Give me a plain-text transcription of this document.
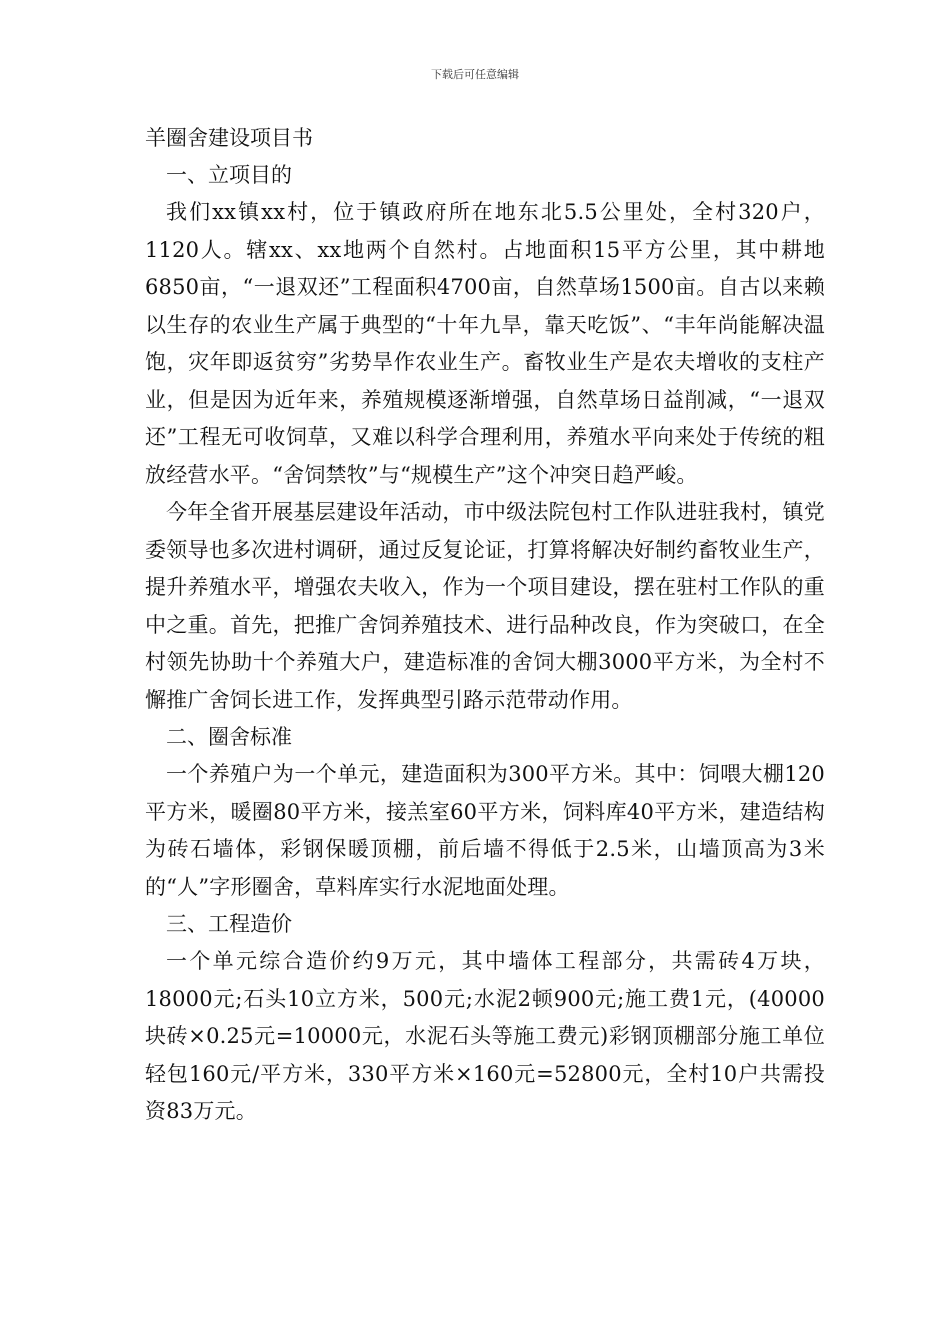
下载后可任意编辑
羊圈舍建设项目书
一、立项目的

我们xx镇xx村，位于镇政府所在地东北5.5公里处，全村320户，1120人。辖xx、xx地两个自然村。占地面积15平方公里，其中耕地6850亩，“一退双还”工程面积4700亩，自然草场1500亩。自古以来赖以生存的农业生产属于典型的“十年九旱，靠天吃饭”、“丰年尚能解决温饱，灾年即返贫穷”劣势旱作农业生产。畜牧业生产是农夫增收的支柱产业，但是因为近年来，养殖规模逐渐增强，自然草场日益削减，“一退双还”工程无可收饲草，又难以科学合理利用，养殖水平向来处于传统的粗放经营水平。“舍饲禁牧”与“规模生产”这个冲突日趋严峻。

今年全省开展基层建设年活动，市中级法院包村工作队进驻我村，镇党委领导也多次进村调研，通过反复论证，打算将解决好制约畜牧业生产，提升养殖水平，增强农夫收入，作为一个项目建设，摆在驻村工作队的重中之重。首先，把推广舍饲养殖技术、进行品种改良，作为突破口，在全村领先协助十个养殖大户，建造标准的舍饲大棚3000平方米，为全村不懈推广舍饲长进工作，发挥典型引路示范带动作用。

二、圈舍标准

一个养殖户为一个单元，建造面积为300平方米。其中：饲喂大棚120平方米，暖圈80平方米，接羔室60平方米，饲料库40平方米，建造结构为砖石墙体，彩钢保暖顶棚，前后墙不得低于2.5米，山墙顶高为3米的“人”字形圈舍，草料库实行水泥地面处理。

三、工程造价

一个单元综合造价约9万元，其中墙体工程部分，共需砖4万块，18000元;石头10立方米，500元;水泥2顿900元;施工费1元，(40000块砖×0.25元=10000元，水泥石头等施工费元)彩钢顶棚部分施工单位轻包160元/平方米，330平方米×160元=52800元，全村10户共需投资83万元。
